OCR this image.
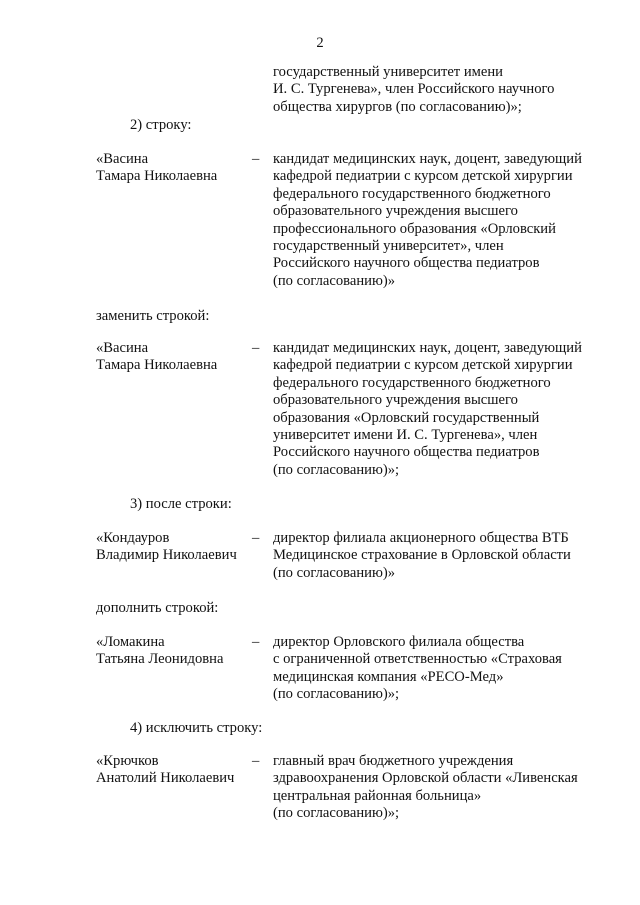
2
государственный университет имени
И. С. Тургенева», член Российского научного
общества хирургов (по согласованию)»;
2) строку:
«Васина
Тамара Николаевна
– кандидат медицинских наук, доцент, заведующий
кафедрой педиатрии с курсом детской хирургии
федерального государственного бюджетного
образовательного учреждения высшего
профессионального образования «Орловский
государственный университет», член
Российского научного общества педиатров
(по согласованию)»
заменить строкой:
«Васина
Тамара Николаевна
– кандидат медицинских наук, доцент, заведующий
кафедрой педиатрии с курсом детской хирургии
федерального государственного бюджетного
образовательного учреждения высшего
образования «Орловский государственный
университет имени И. С. Тургенева», член
Российского научного общества педиатров
(по согласованию)»;
3) после строки:
«Кондауров
Владимир Николаевич
– директор филиала акционерного общества ВТБ
Медицинское страхование в Орловской области
(по согласованию)»
дополнить строкой:
«Ломакина
Татьяна Леонидовна
– директор Орловского филиала общества
с ограниченной ответственностью «Страховая
медицинская компания «РЕСО-Мед»
(по согласованию)»;
4) исключить строку:
«Крючков
Анатолий Николаевич
– главный врач бюджетного учреждения
здравоохранения Орловской области «Ливенская
центральная районная больница»
(по согласованию)»;
